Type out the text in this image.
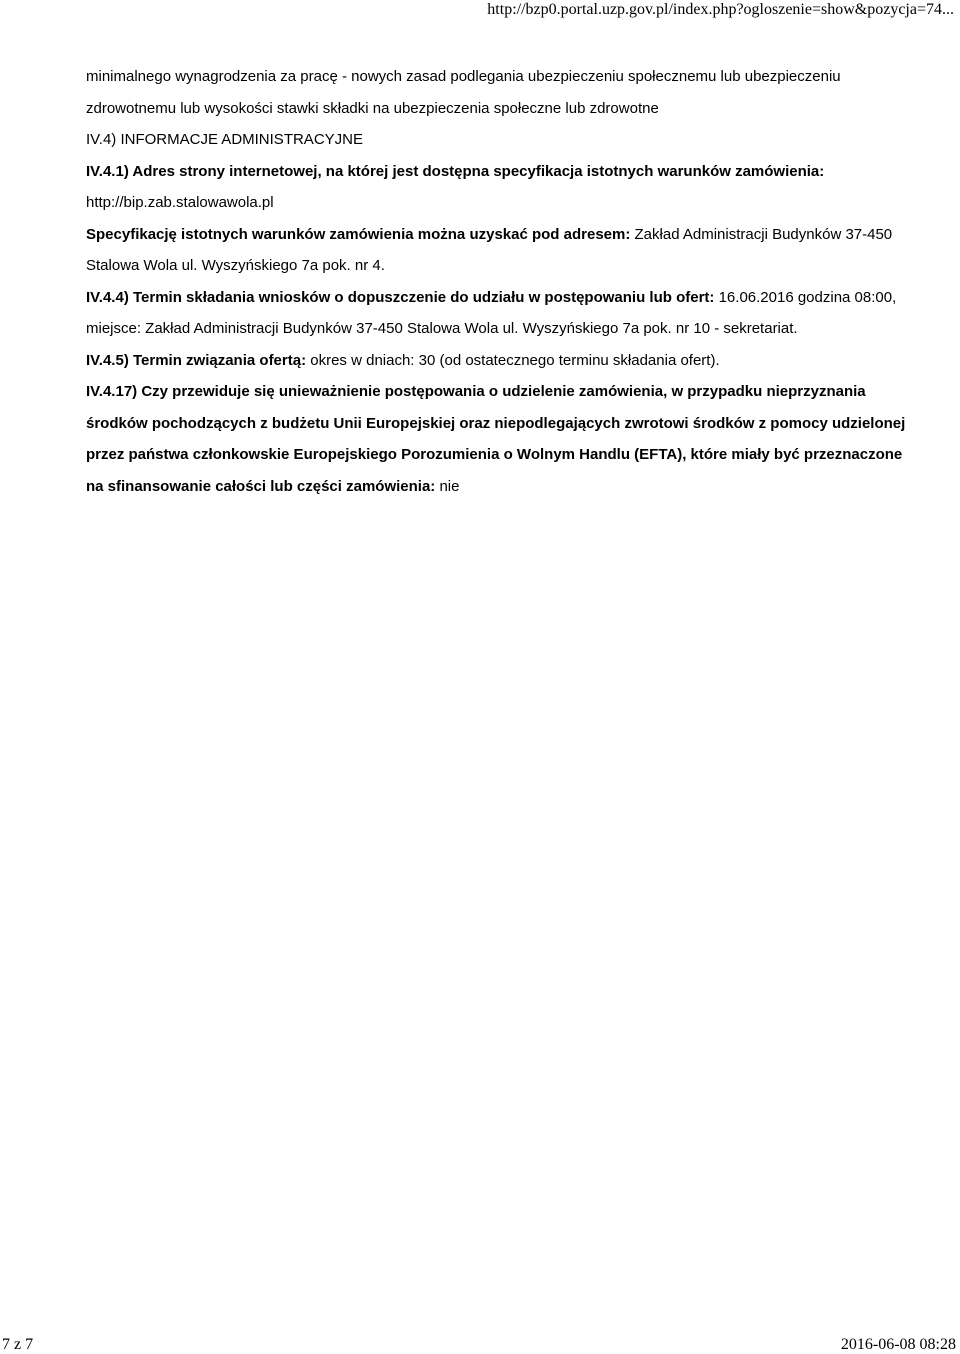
http://bzp0.portal.uzp.gov.pl/index.php?ogloszenie=show&pozycja=74...

minimalnego wynagrodzenia za pracę - nowych zasad podlegania ubezpieczeniu społecznemu lub ubezpieczeniu zdrowotnemu lub wysokości stawki składki na ubezpieczenia społeczne lub zdrowotne

IV.4) INFORMACJE ADMINISTRACYJNE

IV.4.1) Adres strony internetowej, na której jest dostępna specyfikacja istotnych warunków zamówienia: http://bip.zab.stalowawola.pl

Specyfikację istotnych warunków zamówienia można uzyskać pod adresem: Zakład Administracji Budynków 37-450 Stalowa Wola ul. Wyszyńskiego 7a pok. nr 4.

IV.4.4) Termin składania wniosków o dopuszczenie do udziału w postępowaniu lub ofert: 16.06.2016 godzina 08:00, miejsce: Zakład Administracji Budynków 37-450 Stalowa Wola ul. Wyszyńskiego 7a pok. nr 10 - sekretariat.

IV.4.5) Termin związania ofertą: okres w dniach: 30 (od ostatecznego terminu składania ofert).

IV.4.17) Czy przewiduje się unieważnienie postępowania o udzielenie zamówienia, w przypadku nieprzyznania środków pochodzących z budżetu Unii Europejskiej oraz niepodlegających zwrotowi środków z pomocy udzielonej przez państwa członkowskie Europejskiego Porozumienia o Wolnym Handlu (EFTA), które miały być przeznaczone na sfinansowanie całości lub części zamówienia: nie

7 z 7	2016-06-08 08:28
